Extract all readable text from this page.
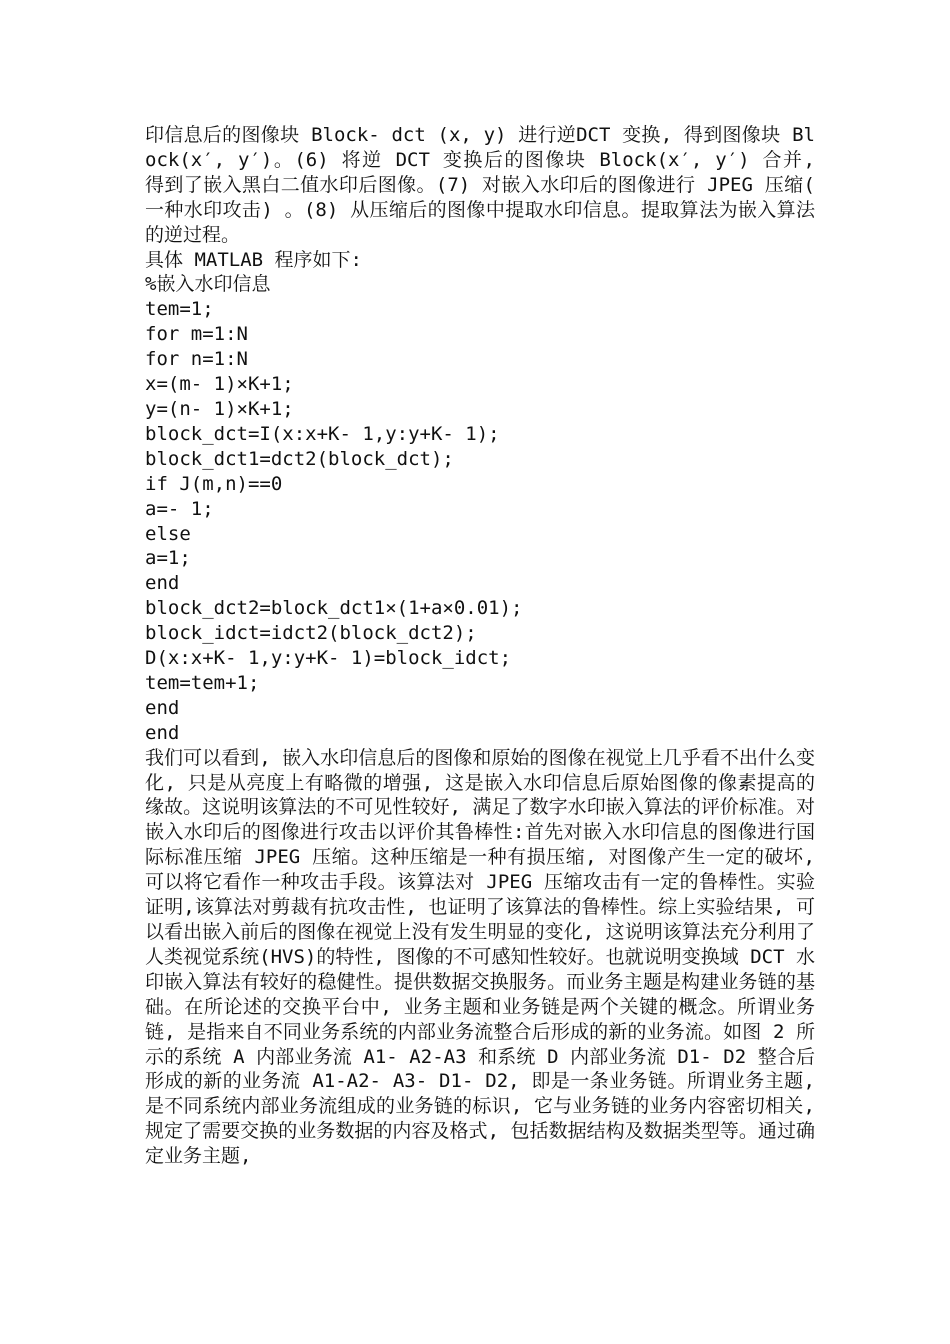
印信息后的图像块 Block- dct (x, y) 进行逆DCT 变换, 得到图像块 Block(x′, y′)。(6) 将逆 DCT 变换后的图像块 Block(x′, y′) 合并, 得到了嵌入黑白二值水印后图像。(7) 对嵌入水印后的图像进行 JPEG 压缩( 一种水印攻击) 。(8) 从压缩后的图像中提取水印信息。提取算法为嵌入算法的逆过程。

具体 MATLAB 程序如下:

%嵌入水印信息

tem=1;

for m=1:N

for n=1:N

x=(m- 1)×K+1;

y=(n- 1)×K+1;

block_dct=I(x:x+K- 1,y:y+K- 1);

block_dct1=dct2(block_dct);

if J(m,n)==0

a=- 1;

else

a=1;

end

block_dct2=block_dct1×(1+a×0.01);

block_idct=idct2(block_dct2);

D(x:x+K- 1,y:y+K- 1)=block_idct;

tem=tem+1;

end

end

我们可以看到, 嵌入水印信息后的图像和原始的图像在视觉上几乎看不出什么变化, 只是从亮度上有略微的增强, 这是嵌入水印信息后原始图像的像素提高的缘故。这说明该算法的不可见性较好, 满足了数字水印嵌入算法的评价标准。对嵌入水印后的图像进行攻击以评价其鲁棒性:首先对嵌入水印信息的图像进行国际标准压缩 JPEG 压缩。这种压缩是一种有损压缩, 对图像产生一定的破坏, 可以将它看作一种攻击手段。该算法对 JPEG 压缩攻击有一定的鲁棒性。实验证明,该算法对剪裁有抗攻击性, 也证明了该算法的鲁棒性。综上实验结果, 可以看出嵌入前后的图像在视觉上没有发生明显的变化, 这说明该算法充分利用了人类视觉系统(HVS)的特性, 图像的不可感知性较好。也就说明变换域 DCT 水印嵌入算法有较好的稳健性。提供数据交换服务。而业务主题是构建业务链的基础。在所论述的交换平台中, 业务主题和业务链是两个关键的概念。所谓业务链, 是指来自不同业务系统的内部业务流整合后形成的新的业务流。如图 2 所示的系统 A 内部业务流 A1- A2-A3 和系统 D 内部业务流 D1- D2 整合后形成的新的业务流 A1-A2- A3- D1- D2, 即是一条业务链。所谓业务主题, 是不同系统内部业务流组成的业务链的标识, 它与业务链的业务内容密切相关, 规定了需要交换的业务数据的内容及格式, 包括数据结构及数据类型等。通过确定业务主题,
